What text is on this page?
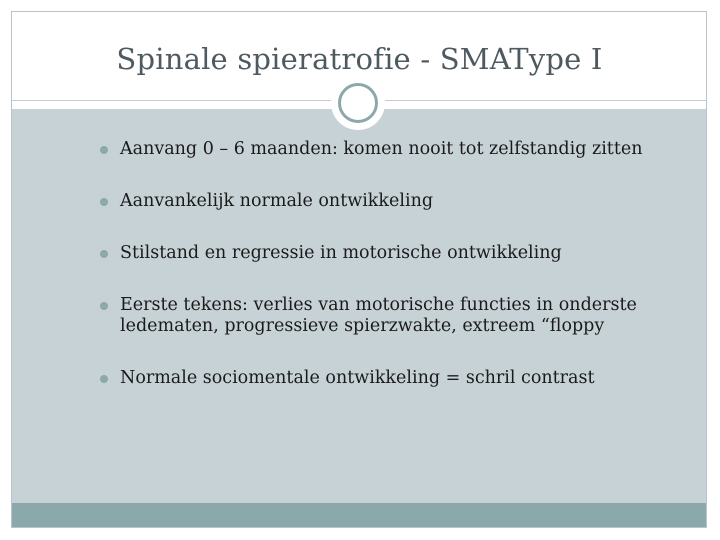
Spinale spieratrofie - SMAType I
Aanvang 0 – 6 maanden: komen nooit tot zelfstandig zitten
Aanvankelijk normale ontwikkeling
Stilstand en regressie in motorische ontwikkeling
Eerste tekens: verlies van motorische functies in onderste
ledematen, progressieve spierzwakte, extreem “floppy
Normale sociomentale ontwikkeling = schril contrast
